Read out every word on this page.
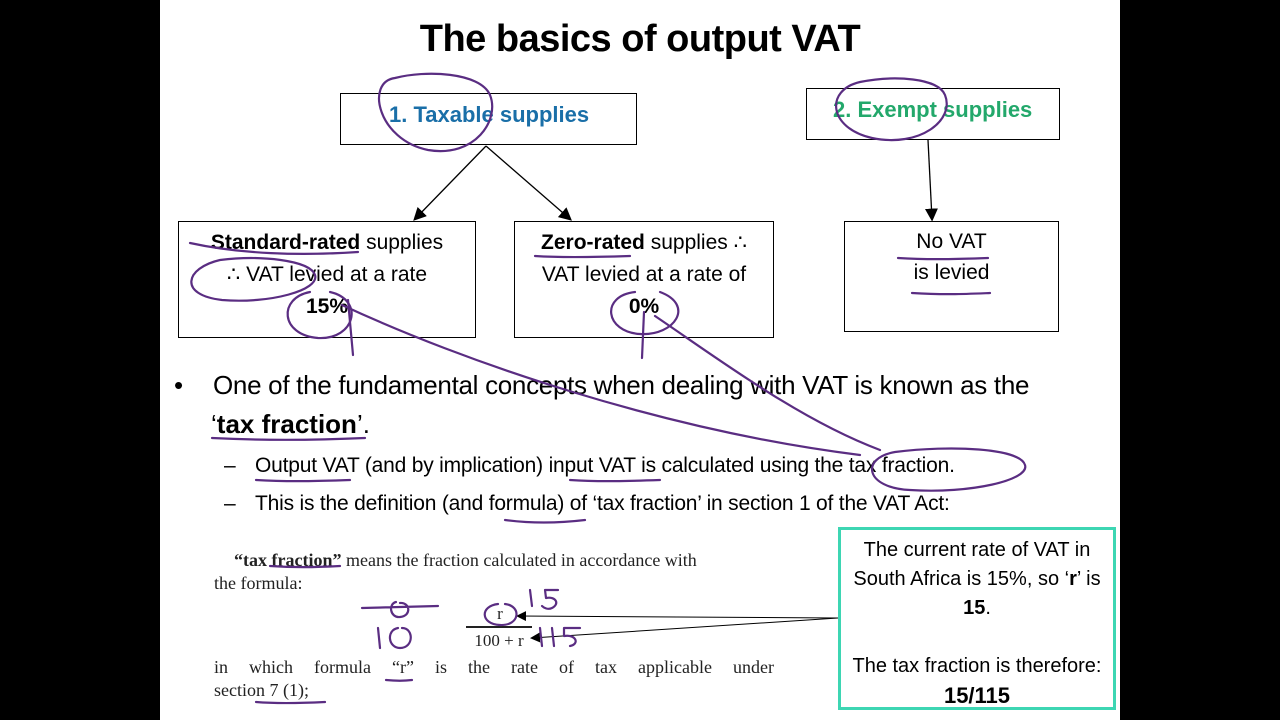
The basics of output VAT
1. Taxable supplies	2. Exempt supplies
Standard-rated supplies
∴ VAT levied at a rate
15%
Zero-rated supplies ∴
VAT levied at a rate of
0%
No VAT
is levied
• One of the fundamental concepts when dealing with VAT is known as the
‘tax fraction’.
– Output VAT (and by implication) input VAT is calculated using the tax fraction.
– This is the definition (and formula) of ‘tax fraction’ in section 1 of the VAT Act:
“tax fraction” means the fraction calculated in accordance with
the formula:
r
100 + r
in which formula “r” is the rate of tax applicable under
section 7 (1);
The current rate of VAT in
South Africa is 15%, so ‘r’ is
15.
The tax fraction is therefore:
15/115
